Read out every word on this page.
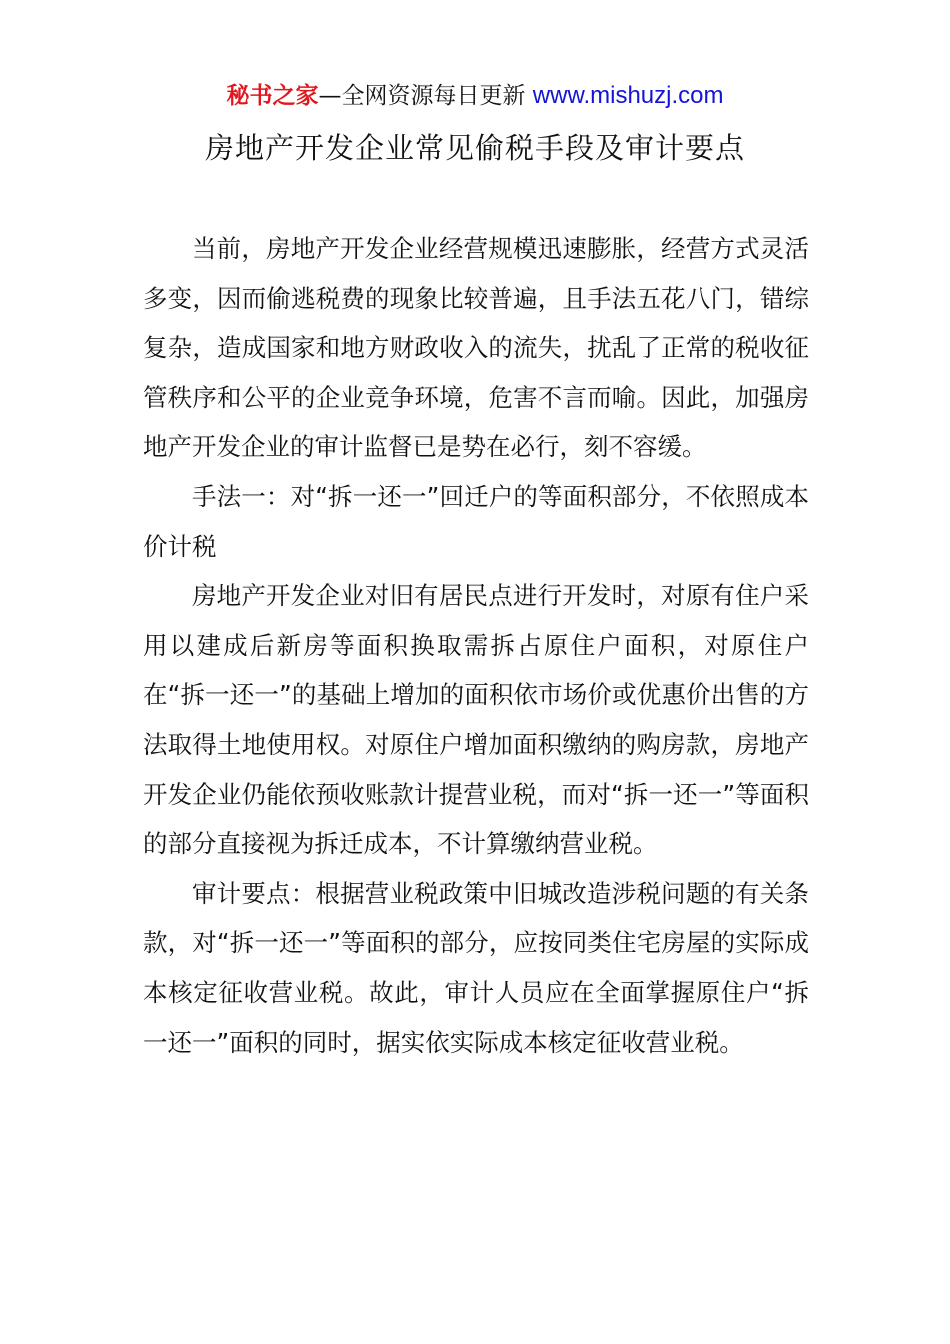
秘书之家—全网资源每日更新 www.mishuzj.com
房地产开发企业常见偷税手段及审计要点

当前，房地产开发企业经营规模迅速膨胀，经营方式灵活多变，因而偷逃税费的现象比较普遍，且手法五花八门，错综复杂，造成国家和地方财政收入的流失，扰乱了正常的税收征管秩序和公平的企业竞争环境，危害不言而喻。因此，加强房地产开发企业的审计监督已是势在必行，刻不容缓。

手法一：对“拆一还一”回迁户的等面积部分，不依照成本价计税

房地产开发企业对旧有居民点进行开发时，对原有住户采用以建成后新房等面积换取需拆占原住户面积，对原住户在“拆一还一”的基础上增加的面积依市场价或优惠价出售的方法取得土地使用权。对原住户增加面积缴纳的购房款，房地产开发企业仍能依预收账款计提营业税，而对“拆一还一”等面积的部分直接视为拆迁成本，不计算缴纳营业税。

审计要点：根据营业税政策中旧城改造涉税问题的有关条款，对“拆一还一”等面积的部分，应按同类住宅房屋的实际成本核定征收营业税。故此，审计人员应在全面掌握原住户“拆一还一”面积的同时，据实依实际成本核定征收营业税。
